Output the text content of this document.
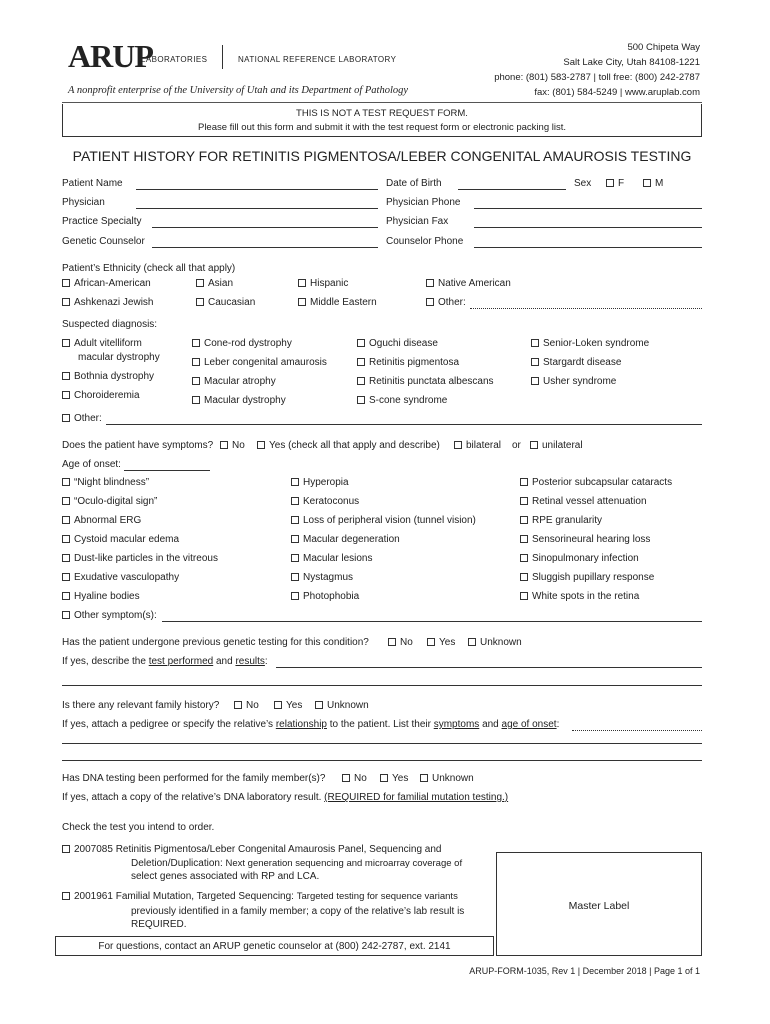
ARUP
LABORATORIES	NATIONAL REFERENCE LABORATORY
A nonprofit enterprise of the University of Utah and its Department of Pathology
500 Chipeta Way
Salt Lake City, Utah 84108-1221
phone: (801) 583-2787 | toll free: (800) 242-2787
fax: (801) 584-5249 | www.aruplab.com
THIS IS NOT A TEST REQUEST FORM.
Please fill out this form and submit it with the test request form or electronic packing list.
PATIENT HISTORY FOR RETINITIS PIGMENTOSA/LEBER CONGENITAL AMAUROSIS TESTING
Patient Name	Date of Birth	Sex	F	M
Physician	Physician Phone
Practice Specialty	Physician Fax
Genetic Counselor	Counselor Phone
Patient’s Ethnicity (check all that apply)
African-American	Asian	Hispanic	Native American
Ashkenazi Jewish	Caucasian	Middle Eastern	Other:
Suspected diagnosis:
Adult vitelliform
macular dystrophy
Bothnia dystrophy
Choroideremia
Cone-rod dystrophy
Leber congenital amaurosis
Macular atrophy
Macular dystrophy
Oguchi disease
Retinitis pigmentosa
Retinitis punctata albescans
S-cone syndrome
Senior-Loken syndrome
Stargardt disease
Usher syndrome
Other:
Does the patient have symptoms?	No	Yes (check all that apply and describe)	bilateral or	unilateral
Age of onset:
“Night blindness”
“Oculo-digital sign”
Abnormal ERG
Cystoid macular edema
Dust-like particles in the vitreous
Exudative vasculopathy
Hyaline bodies
Hyperopia
Keratoconus
Loss of peripheral vision (tunnel vision)
Macular degeneration
Macular lesions
Nystagmus
Photophobia
Posterior subcapsular cataracts
Retinal vessel attenuation
RPE granularity
Sensorineural hearing loss
Sinopulmonary infection
Sluggish pupillary response
White spots in the retina
Other symptom(s):
Has the patient undergone previous genetic testing for this condition?	No	Yes	Unknown
If yes, describe the test performed and results:
Is there any relevant family history?	No	Yes	Unknown
If yes, attach a pedigree or specify the relative’s relationship to the patient. List their symptoms and age of onset:
Has DNA testing been performed for the family member(s)?	No	Yes	Unknown
If yes, attach a copy of the relative’s DNA laboratory result. (REQUIRED for familial mutation testing.)
Check the test you intend to order.
2007085 Retinitis Pigmentosa/Leber Congenital Amaurosis Panel, Sequencing and
Deletion/Duplication: Next generation sequencing and microarray coverage of
select genes associated with RP and LCA.
2001961 Familial Mutation, Targeted Sequencing: Targeted testing for sequence variants
previously identified in a family member; a copy of the relative’s lab result is
REQUIRED.
Master Label
For questions, contact an ARUP genetic counselor at (800) 242-2787, ext. 2141
ARUP-FORM-1035, Rev 1 | December 2018 | Page 1 of 1
